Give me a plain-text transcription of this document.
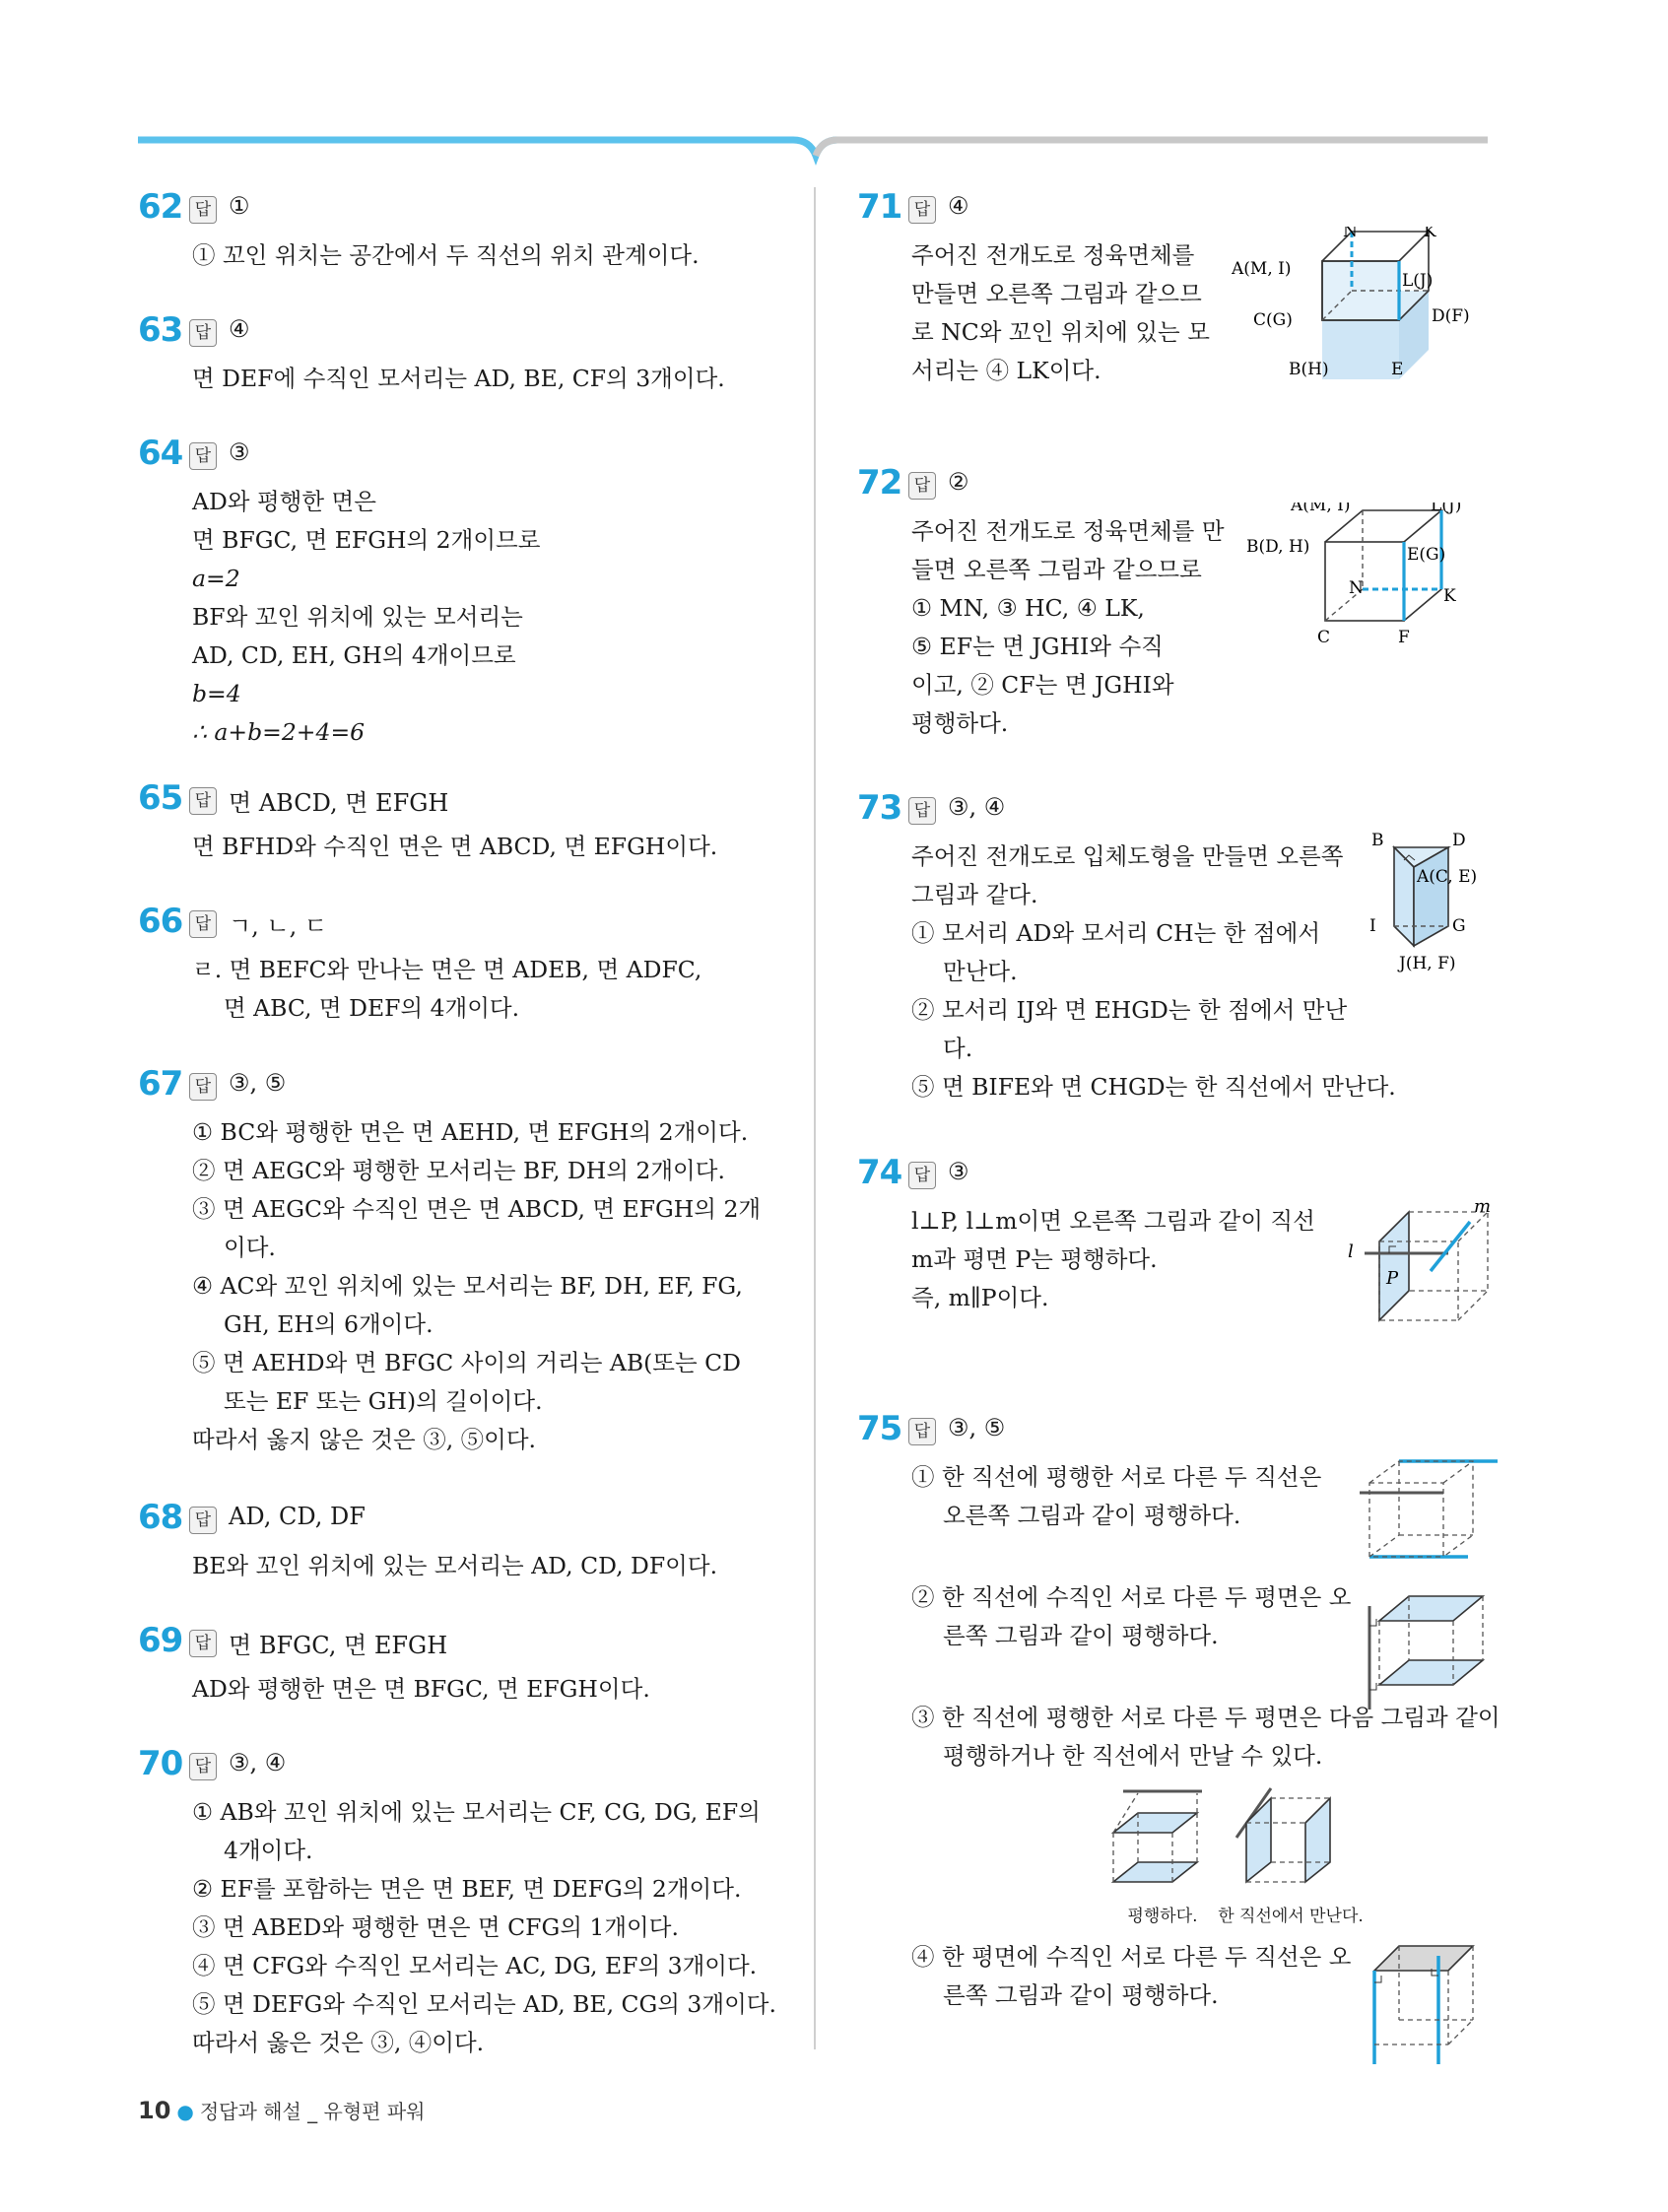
62 답 ①
① 꼬인 위치는 공간에서 두 직선의 위치 관계이다.
63 답 ④
면 DEF에 수직인 모서리는 AD, BE, CF의 3개이다.
64 답 ③
AD와 평행한 면은
면 BFGC, 면 EFGH의 2개이므로
a=2
BF와 꼬인 위치에 있는 모서리는
AD, CD, EH, GH의 4개이므로
b=4
∴ a+b=2+4=6
65 답 면 ABCD, 면 EFGH
면 BFHD와 수직인 면은 면 ABCD, 면 EFGH이다.
66 답 ㄱ, ㄴ, ㄷ
ㄹ. 면 BEFC와 만나는 면은 면 ADEB, 면 ADFC,
면 ABC, 면 DEF의 4개이다.
67 답 ③, ⑤
① BC와 평행한 면은 면 AEHD, 면 EFGH의 2개이다.
② 면 AEGC와 평행한 모서리는 BF, DH의 2개이다.
③ 면 AEGC와 수직인 면은 면 ABCD, 면 EFGH의 2개
이다.
④ AC와 꼬인 위치에 있는 모서리는 BF, DH, EF, FG,
GH, EH의 6개이다.
⑤ 면 AEHD와 면 BFGC 사이의 거리는 AB(또는 CD
또는 EF 또는 GH)의 길이이다.
따라서 옳지 않은 것은 ③, ⑤이다.
68 답 AD, CD, DF
BE와 꼬인 위치에 있는 모서리는 AD, CD, DF이다.
69 답 면 BFGC, 면 EFGH
AD와 평행한 면은 면 BFGC, 면 EFGH이다.
70 답 ③, ④
① AB와 꼬인 위치에 있는 모서리는 CF, CG, DG, EF의
4개이다.
② EF를 포함하는 면은 면 BEF, 면 DEFG의 2개이다.
③ 면 ABED와 평행한 면은 면 CFG의 1개이다.
④ 면 CFG와 수직인 모서리는 AC, DG, EF의 3개이다.
⑤ 면 DEFG와 수직인 모서리는 AD, BE, CG의 3개이다.
따라서 옳은 것은 ③, ④이다.
71 답 ④
주어진 전개도로 정육면체를
만들면 오른쪽 그림과 같으므
로 NC와 꼬인 위치에 있는 모
서리는 ④ LK이다.
N	K
A(M, I)
L(J)
C(G)	D(F)
B(H)	E
72 답 ②
주어진 전개도로 정육면체를 만
들면 오른쪽 그림과 같으므로
① MN, ③ HC, ④ LK,
⑤ EF는 면 JGHI와 수직
이고, ② CF는 면 JGHI와
평행하다.
A(M, I)	L(J)
B(D, H)	E(G)
N	K
C	F
73 답 ③, ④
주어진 전개도로 입체도형을 만들면 오른쪽
그림과 같다.
① 모서리 AD와 모서리 CH는 한 점에서
만난다.
② 모서리 IJ와 면 EHGD는 한 점에서 만난
다.
⑤ 면 BIFE와 면 CHGD는 한 직선에서 만난다.
B	D
A(C, E)
I	G
J(H, F)
74 답 ③
l⊥P, l⊥m이면 오른쪽 그림과 같이 직선
m과 평면 P는 평행하다.
즉, m∥P이다.
m
l
P
75 답 ③, ⑤
① 한 직선에 평행한 서로 다른 두 직선은
오른쪽 그림과 같이 평행하다.
② 한 직선에 수직인 서로 다른 두 평면은 오
른쪽 그림과 같이 평행하다.
③ 한 직선에 평행한 서로 다른 두 평면은 다음 그림과 같이
평행하거나 한 직선에서 만날 수 있다.
④ 한 평면에 수직인 서로 다른 두 직선은 오
른쪽 그림과 같이 평행하다.
평행하다.	한 직선에서 만난다.
10 ● 정답과 해설 _ 유형편 파워
